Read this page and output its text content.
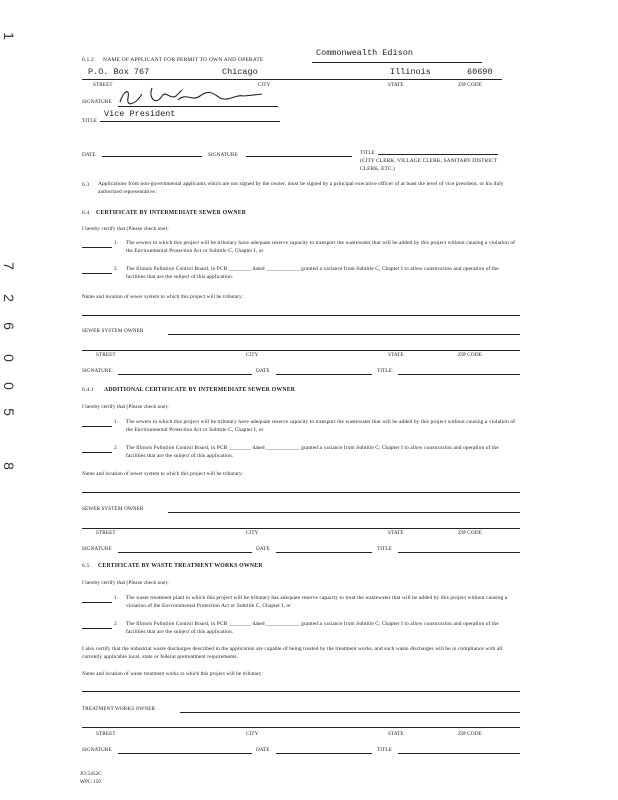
1
7
2
6
0
0
5
8
6.1.2 NAME OF APPLICANT FOR PERMIT TO OWN AND OPERATE
Commonwealth Edison
P.O. Box 767	Chicago	Illinois	60690
STREET	CITY	STATE	ZIP CODE
SIGNATURE
TITLE
Vice President
DATE	SIGNATURE	TITLE
(CITY CLERK, VILLAGE CLERK, SANITARY DISTRICT CLERK, ETC.)
6.3 Applications from non-governmental applicants which are not signed by the owner, must be signed by a principal executive officer of at least the level of vice president, or his duly authorized representative.
6.4 CERTIFICATE BY INTERMEDIATE SEWER OWNER
I hereby certify that (Please check one):
1. The sewers to which this project will be tributary have adequate reserve capacity to transport the wastewater that will be added by this project without causing a violation of the Environmental Protection Act or Subtitle C, Chapter I, or
2. The Illinois Pollution Control Board, in PCB ________ dated ____________ granted a variance from Subtitle C, Chapter I to allow construction and operation of the facilities that are the subject of this application.
Name and location of sewer system to which this project will be tributary:
SEWER SYSTEM OWNER
STREET	CITY	STATE	ZIP CODE
SIGNATURE	DATE	TITLE
6.4.1 ADDITIONAL CERTIFICATE BY INTERMEDIATE SEWER OWNER
I hereby certify that (Please check one):
1. The sewers to which this project will be tributary have adequate reserve capacity to transport the wastewater that will be added by this project without causing a violation of the Environmental Protection Act or Subtitle C, Chapter I, or
2. The Illinois Pollution Control Board, in PCB ________ dated ____________ granted a variance from Subtitle C, Chapter I to allow construction and operation of the facilities that are the subject of this application.
Name and location of sewer system to which this project will be tributary:
SEWER SYSTEM OWNER
STREET	CITY	STATE	ZIP CODE
SIGNATURE	DATE	TITLE
6.5 CERTIFICATE BY WASTE TREATMENT WORKS OWNER
I hereby certify that (Please check one):
1. The waste treatment plant to which this project will be tributary has adequate reserve capacity to treat the wastewater that will be added by this project without causing a violation of the Environmental Protection Act or Subtitle C, Chapter I, or
2. The Illinois Pollution Control Board, in PCB ________ dated ____________ granted a variance from Subtitle C, Chapter I to allow construction and operation of the facilities that are the subject of this application.
I also certify that the industrial waste discharges described in the application are capable of being treated by the treatment works, and such waste discharges will be in compliance with all currently applicable local, state or federal pretreatment requirements.
Name and location of waste treatment works to which this project will be tributary:
TREATMENT WORKS OWNER
STREET	CITY	STATE	ZIP CODE
SIGNATURE	DATE	TITLE
JO:5452C
WPC 150
